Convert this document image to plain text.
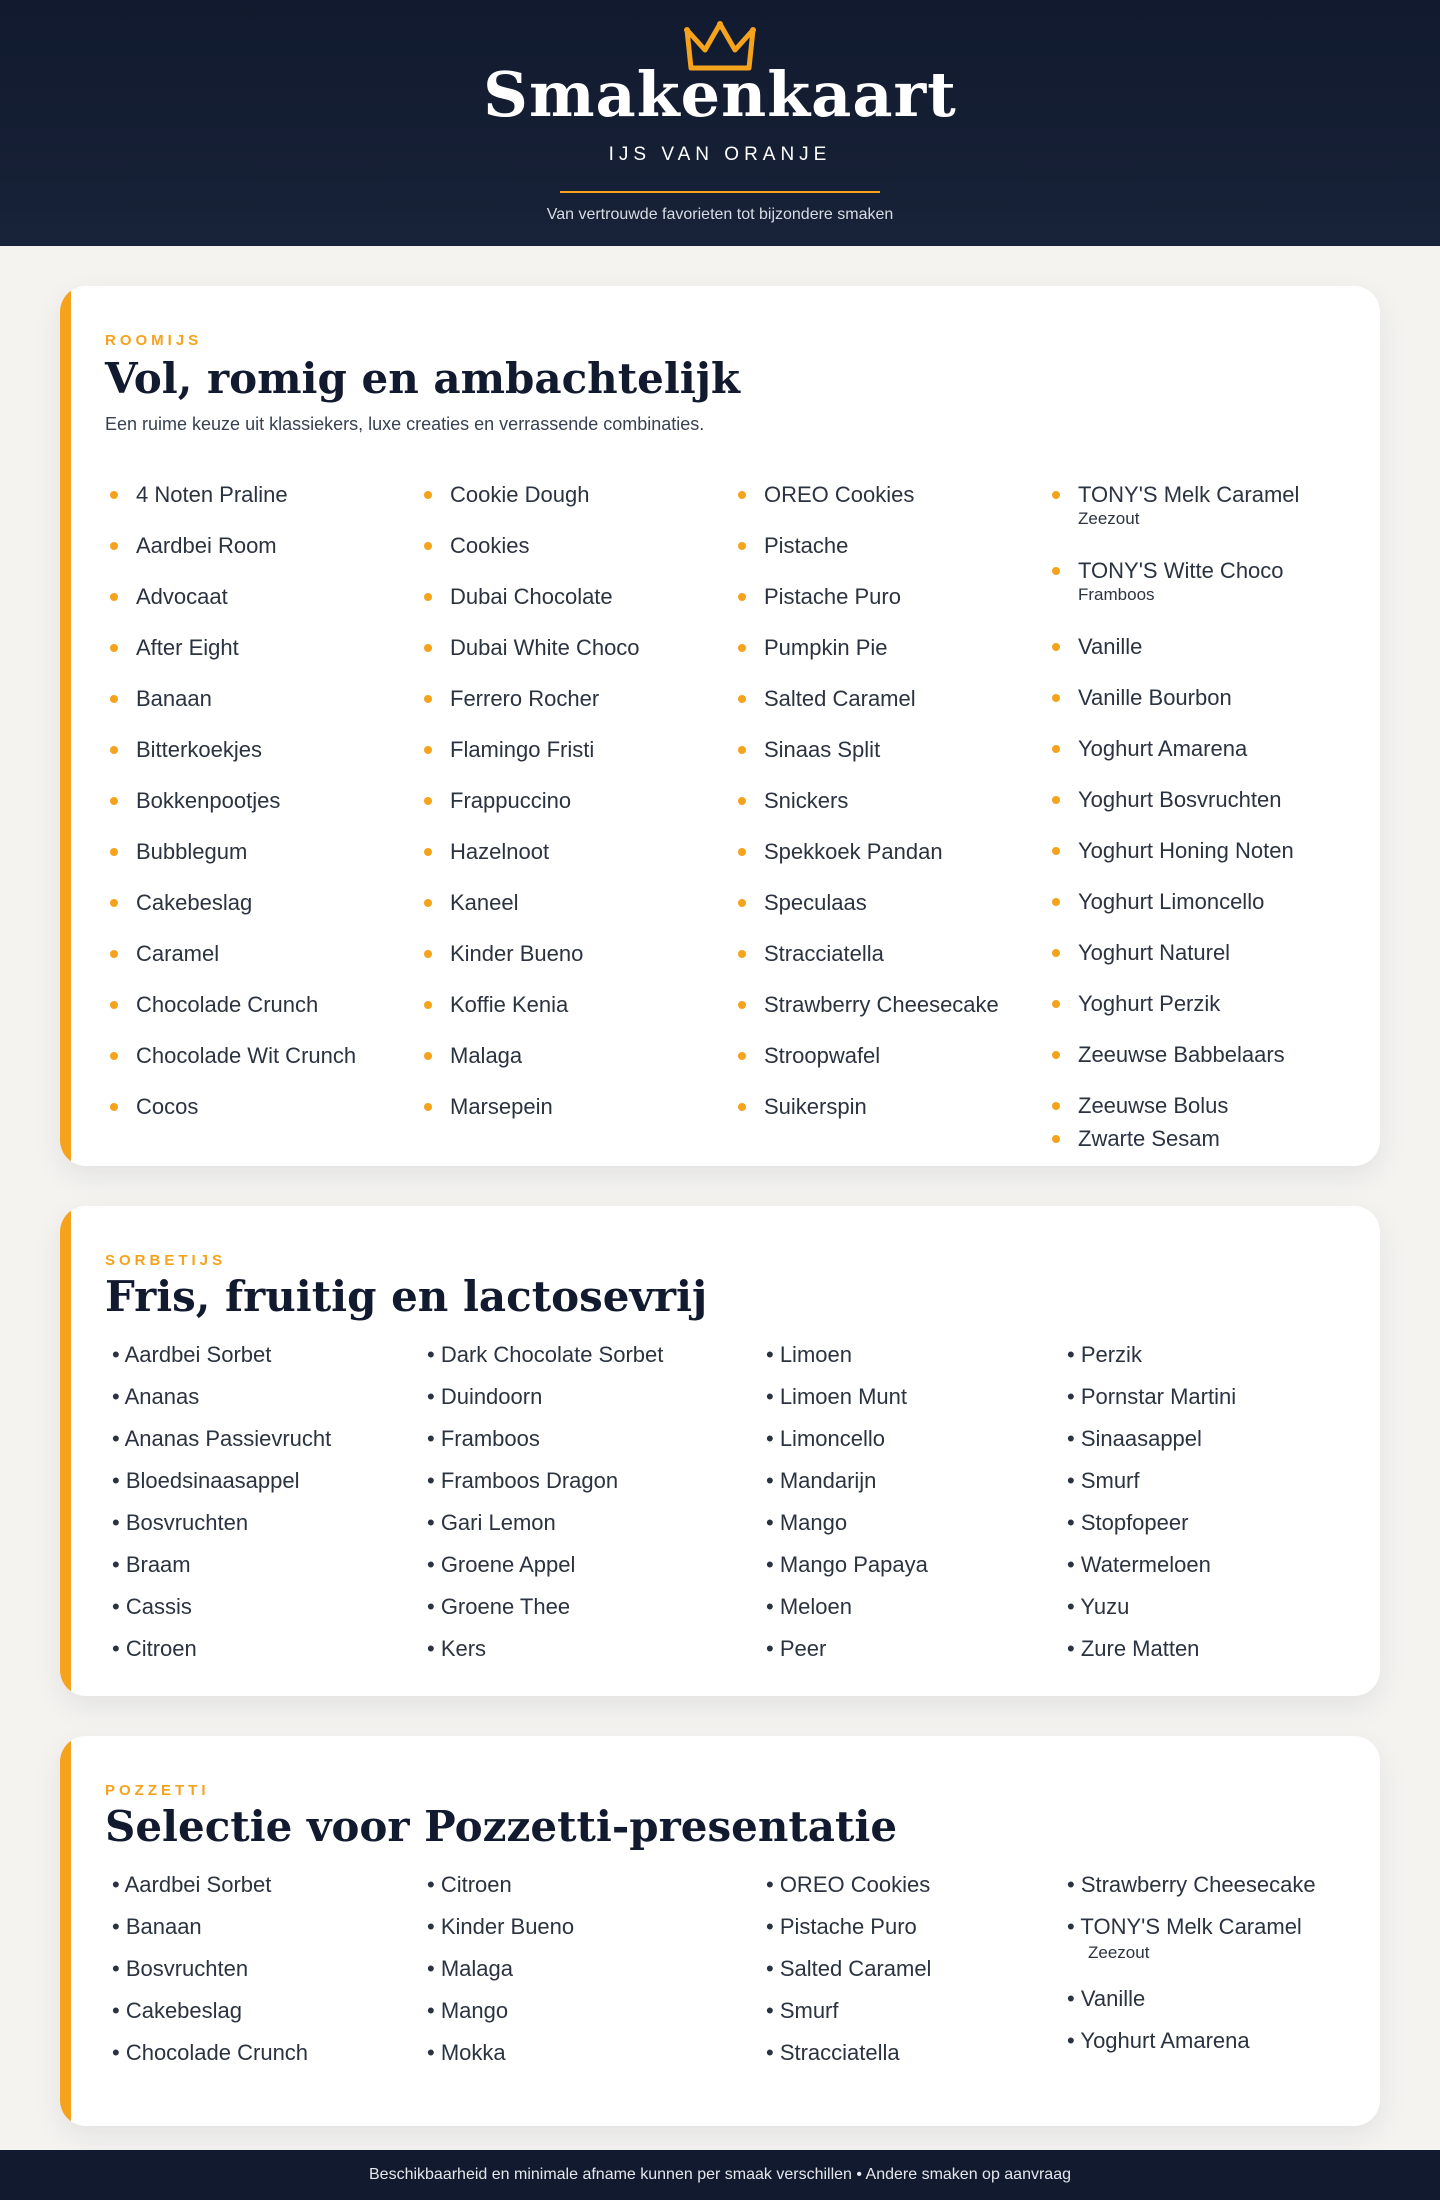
Smakenkaart
IJS VAN ORANJE
Van vertrouwde favorieten tot bijzondere smaken
ROOMIJS
Vol, romig en ambachtelijk
Een ruime keuze uit klassiekers, luxe creaties en verrassende combinaties.
4 Noten Praline
Aardbei Room
Advocaat
After Eight
Banaan
Bitterkoekjes
Bokkenpootjes
Bubblegum
Cakebeslag
Caramel
Chocolade Crunch
Chocolade Wit Crunch
Cocos
Cookie Dough
Cookies
Dubai Chocolate
Dubai White Choco
Ferrero Rocher
Flamingo Fristi
Frappuccino
Hazelnoot
Kaneel
Kinder Bueno
Koffie Kenia
Malaga
Marsepein
OREO Cookies
Pistache
Pistache Puro
Pumpkin Pie
Salted Caramel
Sinaas Split
Snickers
Spekkoek Pandan
Speculaas
Stracciatella
Strawberry Cheesecake
Stroopwafel
Suikerspin
TONY'S Melk Caramel
Zeezout
TONY'S Witte Choco
Framboos
Vanille
Vanille Bourbon
Yoghurt Amarena
Yoghurt Bosvruchten
Yoghurt Honing Noten
Yoghurt Limoncello
Yoghurt Naturel
Yoghurt Perzik
Zeeuwse Babbelaars
Zeeuwse Bolus
Zwarte Sesam
SORBETIJS
Fris, fruitig en lactosevrij
• Aardbei Sorbet
• Ananas
• Ananas Passievrucht
• Bloedsinaasappel
• Bosvruchten
• Braam
• Cassis
• Citroen
• Dark Chocolate Sorbet
• Duindoorn
• Framboos
• Framboos Dragon
• Gari Lemon
• Groene Appel
• Groene Thee
• Kers
• Limoen
• Limoen Munt
• Limoncello
• Mandarijn
• Mango
• Mango Papaya
• Meloen
• Peer
• Perzik
• Pornstar Martini
• Sinaasappel
• Smurf
• Stopfopeer
• Watermeloen
• Yuzu
• Zure Matten
POZZETTI
Selectie voor Pozzetti-presentatie
• Aardbei Sorbet
• Banaan
• Bosvruchten
• Cakebeslag
• Chocolade Crunch
• Citroen
• Kinder Bueno
• Malaga
• Mango
• Mokka
• OREO Cookies
• Pistache Puro
• Salted Caramel
• Smurf
• Stracciatella
• Strawberry Cheesecake
• TONY'S Melk Caramel
Zeezout
• Vanille
• Yoghurt Amarena
Beschikbaarheid en minimale afname kunnen per smaak verschillen • Andere smaken op aanvraag
